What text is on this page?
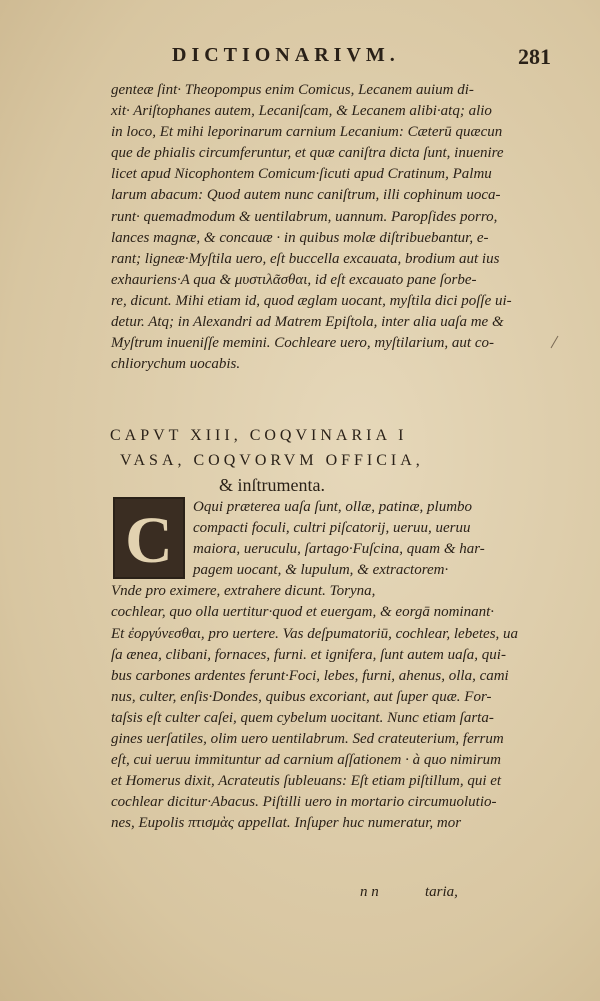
DICTIONARIVM.	281
genteæ ſint· Theopompus enim Comicus, Lecanem auium di-
xit· Ariſtophanes autem, Lecaniſcam, & Lecanem alibi·atq; alio
in loco, Et mihi leporinarum carnium Lecanium: Cæterū quæcun
que de phialis circumferuntur, et quæ caniſtra dicta ſunt, inuenire
licet apud Nicophontem Comicum·ſicuti apud Cratinum, Palmu
larum abacum: Quod autem nunc caniſtrum, illi cophinum uoca-
runt· quemadmodum & uentilabrum, uannum. Paropſides porro,
lances magnæ, & concauæ · in quibus molæ diſtribuebantur, e-
rant; ligneæ·Myſtila uero, eſt buccella excauata, brodium aut ius
exhauriens·A qua & μυστιλᾶσθαι, id eſt excauato pane ſorbe-
re, dicunt. Mihi etiam id, quod æglam uocant, myſtila dici poſſe ui-
detur. Atq; in Alexandri ad Matrem Epiſtola, inter alia uaſa me &
Myſtrum inueniſſe memini. Cochleare uero, myſtilarium, aut co-
chliorychum uocabis.
CAPVT XIII, COQVINARIA I
VASA, COQVORVM OFFICIA,
& inſtrumenta.
C	Oqui præterea uaſa ſunt, ollæ, patinæ, plumbo
compacti foculi, cultri piſcatorij, ueruu, ueruu
maiora, ueruculu, ſartago·Fuſcina, quam & har-
pagem uocant, & lupulum, & extractorem·
Vnde pro eximere, extrahere dicunt. Toryna,
cochlear, quo olla uertitur·quod et euergam, & eorgā nominant·
Et ἐοργύνεσθαι, pro uertere. Vas deſpumatoriū, cochlear, lebetes, ua
ſa ænea, clibani, fornaces, furni. et ignifera, ſunt autem uaſa, qui-
bus carbones ardentes ferunt·Foci, lebes, furni, ahenus, olla, cami
nus, culter, enſis·Dondes, quibus excoriant, aut ſuper quæ. For-
taſsis eſt culter caſei, quem cybelum uocitant. Nunc etiam ſarta-
gines uerſatiles, olim uero uentilabrum. Sed crateuterium, ferrum
eſt, cui ueruu immituntur ad carnium aſſationem · à quo nimirum
et Homerus dixit, Acrateutis ſubleuans: Eſt etiam piſtillum, qui et
cochlear dicitur·Abacus. Piſtilli uero in mortario circumuolutio-
nes, Eupolis πτισμὰς appellat. Inſuper huc numeratur, mor
n n	taria,
